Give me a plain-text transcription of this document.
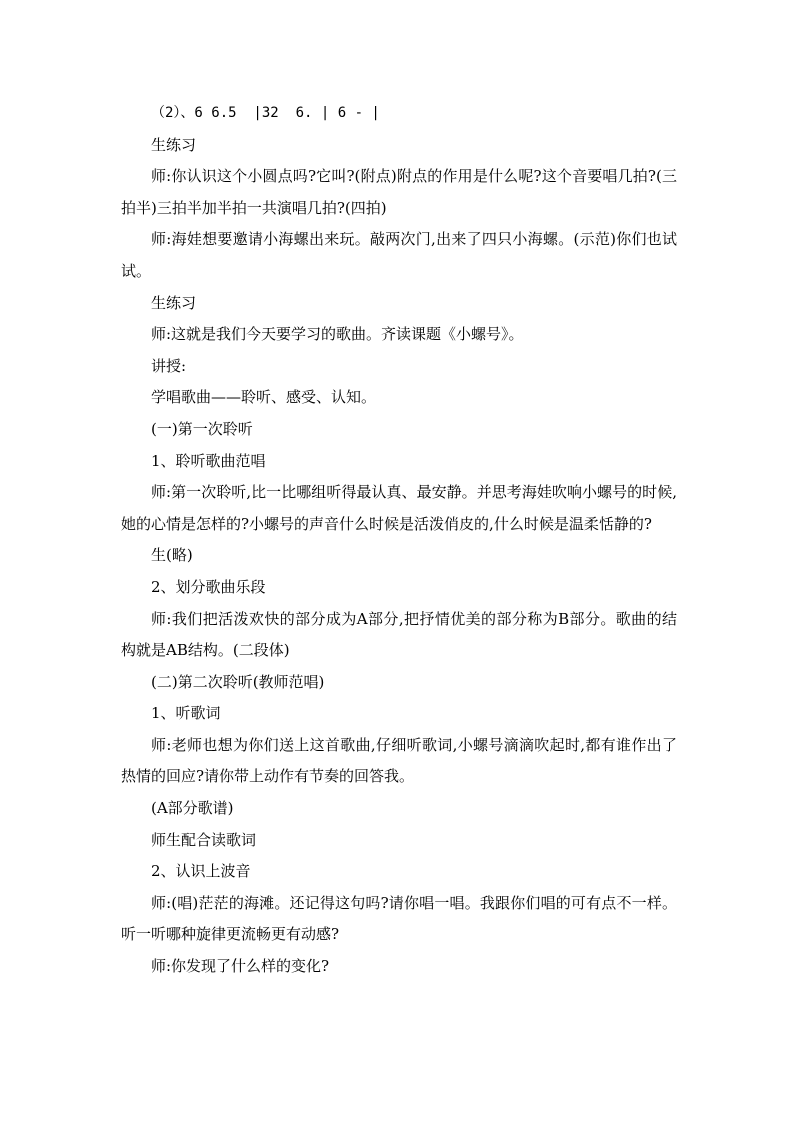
（2）、6 6.5  |32  6. | 6 - |

生练习

师:你认识这个小圆点吗?它叫?(附点)附点的作用是什么呢?这个音要唱几拍?(三拍半)三拍半加半拍一共演唱几拍?(四拍)

师:海娃想要邀请小海螺出来玩。敲两次门,出来了四只小海螺。(示范)你们也试试。

生练习

师:这就是我们今天要学习的歌曲。齐读课题《小螺号》。

讲授:

学唱歌曲——聆听、感受、认知。

(一)第一次聆听

1、聆听歌曲范唱

师:第一次聆听,比一比哪组听得最认真、最安静。并思考海娃吹响小螺号的时候,她的心情是怎样的?小螺号的声音什么时候是活泼俏皮的,什么时候是温柔恬静的?

生(略)

2、划分歌曲乐段

师:我们把活泼欢快的部分成为A部分,把抒情优美的部分称为B部分。歌曲的结构就是AB结构。(二段体)

(二)第二次聆听(教师范唱)

1、听歌词

师:老师也想为你们送上这首歌曲,仔细听歌词,小螺号滴滴吹起时,都有谁作出了热情的回应?请你带上动作有节奏的回答我。

(A部分歌谱)

师生配合读歌词

2、认识上波音

师:(唱)茫茫的海滩。还记得这句吗?请你唱一唱。我跟你们唱的可有点不一样。听一听哪种旋律更流畅更有动感?

师:你发现了什么样的变化?
